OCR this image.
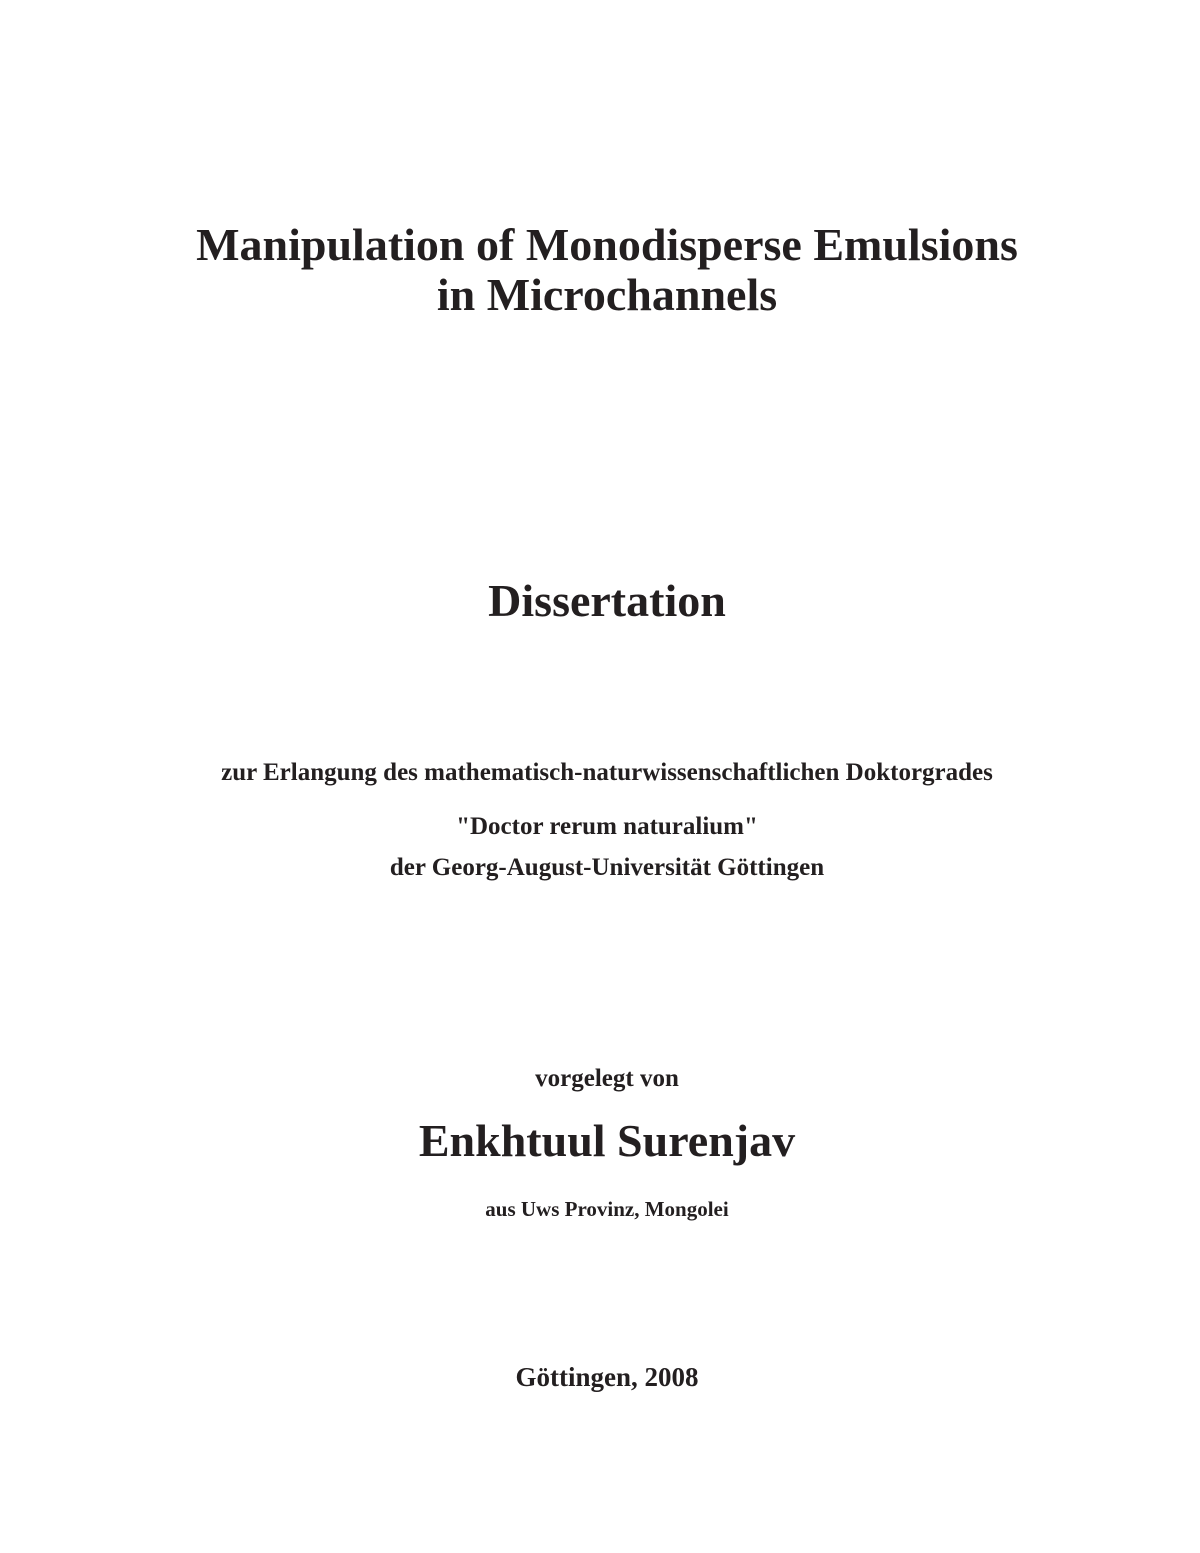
Manipulation of Monodisperse Emulsions
in Microchannels
Dissertation
zur Erlangung des mathematisch-naturwissenschaftlichen Doktorgrades
"Doctor rerum naturalium"
der Georg-August-Universität Göttingen
vorgelegt von
Enkhtuul Surenjav
aus Uws Provinz, Mongolei
Göttingen, 2008
